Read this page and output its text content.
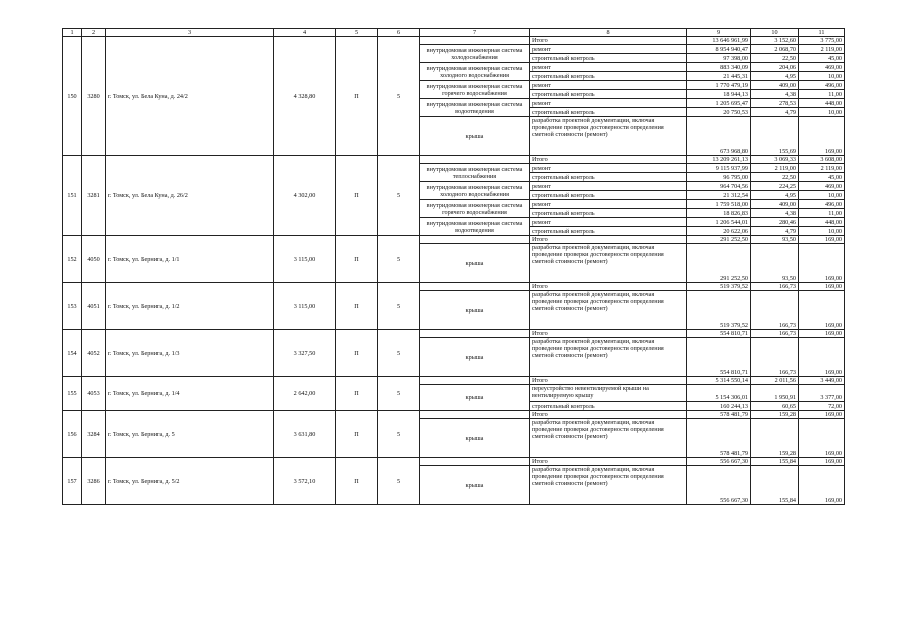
1	2	3	4	5	6	7	8	9	10	11
150	3280	г. Томск, ул. Бела Куна, д. 24/2	4 328,80	П	5		Итого	13 646 961,99	3 152,60	3 775,00
						внутридомовая инженерная система холодоснабжения	ремонт	8 954 940,47	2 068,70	2 119,00
							строительный контроль	97 398,00	22,50	45,00
						внутридомовая инженерная система холодного водоснабжения	ремонт	883 340,09	204,06	469,00
							строительный контроль	21 445,31	4,95	10,00
						внутридомовая инженерная система горячего водоснабжения	ремонт	1 770 479,19	409,00	496,00
							строительный контроль	18 944,13	4,38	11,00
						внутридомовая инженерная система водоотведения	ремонт	1 205 695,47	278,53	448,00
							строительный контроль	20 750,53	4,79	10,00
						крыша	разработка проектной документации, включая проведение проверки достоверности определения сметной стоимости (ремонт)	673 968,80	155,69	169,00
151	3281	г. Томск, ул. Бела Куна, д. 26/2	4 302,00	П	5		Итого	13 209 261,13	3 069,33	3 608,00
						внутридомовая инженерная система теплоснабжения	ремонт	9 115 937,99	2 119,00	2 119,00
							строительный контроль	96 795,00	22,50	45,00
						внутридомовая инженерная система холодного водоснабжения	ремонт	964 704,56	224,25	469,00
							строительный контроль	21 312,54	4,95	10,00
						внутридомовая инженерная система горячего водоснабжения	ремонт	1 759 518,00	409,00	496,00
							строительный контроль	18 826,83	4,38	11,00
						внутридомовая инженерная система водоотведения	ремонт	1 206 544,01	280,46	448,00
							строительный контроль	20 622,06	4,79	10,00
152	4050	г. Томск, ул. Бернига, д. 1/1	3 115,00	П	5		Итого	291 252,50	93,50	169,00
						крыша	разработка проектной документации, включая проведение проверки достоверности определения сметной стоимости (ремонт)	291 252,50	93,50	169,00
153	4051	г. Томск, ул. Бернига, д. 1/2	3 115,00	П	5		Итого	519 379,52	166,73	169,00
						крыша	разработка проектной документации, включая проведение проверки достоверности определения сметной стоимости (ремонт)	519 379,52	166,73	169,00
154	4052	г. Томск, ул. Бернига, д. 1/3	3 327,50	П	5		Итого	554 810,71	166,73	169,00
						крыша	разработка проектной документации, включая проведение проверки достоверности определения сметной стоимости (ремонт)	554 810,71	166,73	169,00
155	4053	г. Томск, ул. Бернига, д. 1/4	2 642,00	П	5		Итого	5 314 550,14	2 011,56	3 449,00
						крыша	переустройство невентилируемой крыши на вентилируемую крышу	5 154 306,01	1 950,91	3 377,00
							строительный контроль	160 244,13	60,65	72,00
156	3284	г. Томск, ул. Бернига, д. 5	3 631,80	П	5		Итого	578 481,79	159,28	169,00
						крыша	разработка проектной документации, включая проведение проверки достоверности определения сметной стоимости (ремонт)	578 481,79	159,28	169,00
157	3286	г. Томск, ул. Бернига, д. 5/2	3 572,10	П	5		Итого	556 667,30	155,84	169,00
						крыша	разработка проектной документации, включая проведение проверки достоверности определения сметной стоимости (ремонт)	556 667,30	155,84	169,00
